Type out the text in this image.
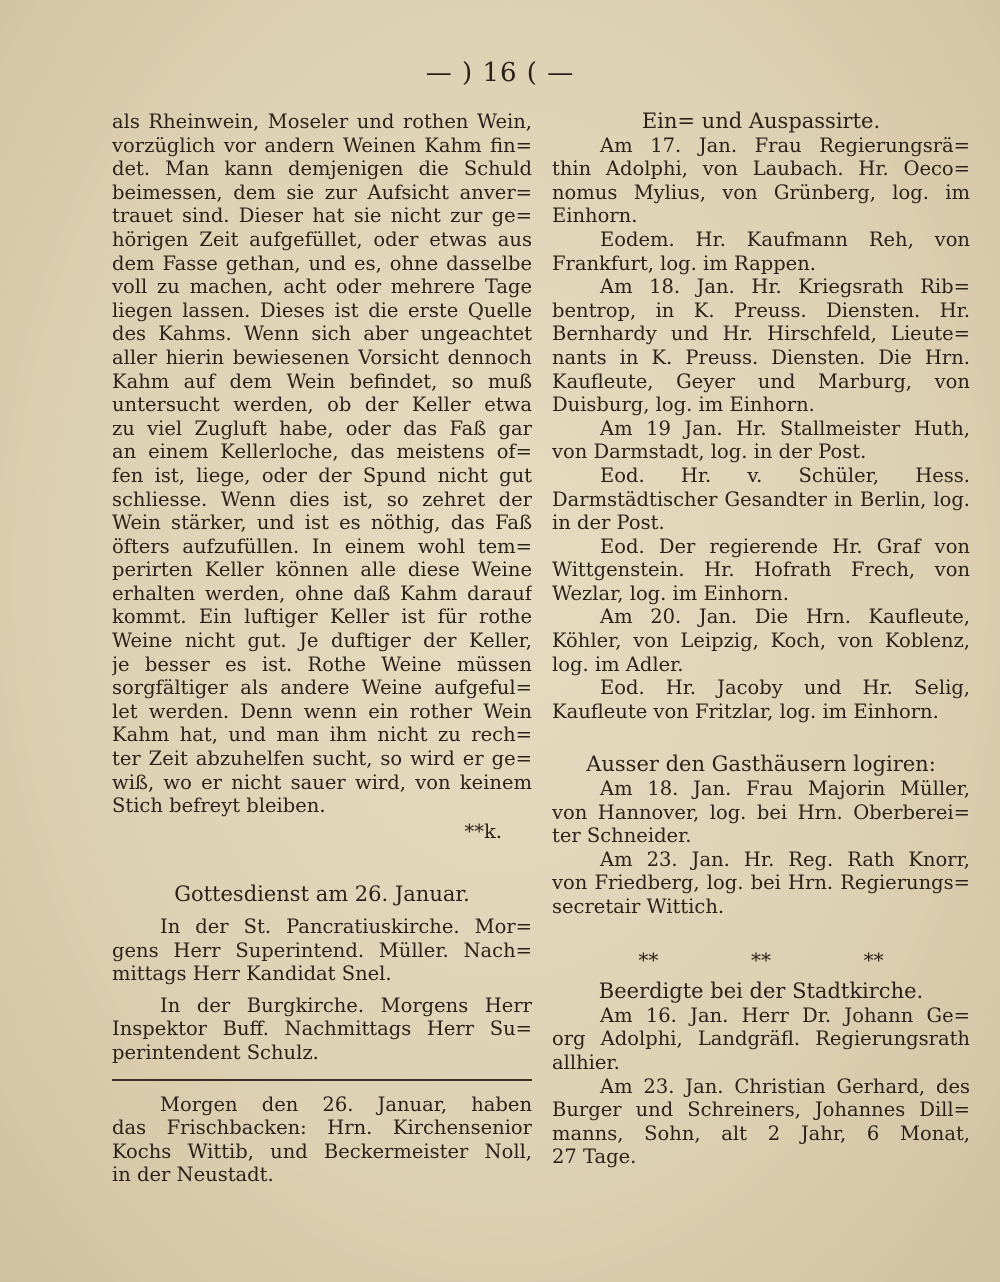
— ) 16 ( —
als Rheinwein, Moseler und rothen Wein,
vorzüglich vor andern Weinen Kahm fin=
det. Man kann demjenigen die Schuld
beimessen, dem sie zur Aufsicht anver=
trauet sind. Dieser hat sie nicht zur ge=
hörigen Zeit aufgefüllet, oder etwas aus
dem Fasse gethan, und es, ohne dasselbe
voll zu machen, acht oder mehrere Tage
liegen lassen. Dieses ist die erste Quelle
des Kahms. Wenn sich aber ungeachtet
aller hierin bewiesenen Vorsicht dennoch
Kahm auf dem Wein befindet, so muß
untersucht werden, ob der Keller etwa
zu viel Zugluft habe, oder das Faß gar
an einem Kellerloche, das meistens of=
fen ist, liege, oder der Spund nicht gut
schliesse. Wenn dies ist, so zehret der
Wein stärker, und ist es nöthig, das Faß
öfters aufzufüllen. In einem wohl tem=
perirten Keller können alle diese Weine
erhalten werden, ohne daß Kahm darauf
kommt. Ein luftiger Keller ist für rothe
Weine nicht gut. Je duftiger der Keller,
je besser es ist. Rothe Weine müssen
sorgfältiger als andere Weine aufgeful=
let werden. Denn wenn ein rother Wein
Kahm hat, und man ihm nicht zu rech=
ter Zeit abzuhelfen sucht, so wird er ge=
wiß, wo er nicht sauer wird, von keinem
Stich befreyt bleiben.
**k.
Gottesdienst am 26. Januar.
In der St. Pancratiuskirche. Mor=
gens Herr Superintend. Müller. Nach=
mittags Herr Kandidat Snel.
In der Burgkirche. Morgens Herr
Inspektor Buff. Nachmittags Herr Su=
perintendent Schulz.
Morgen den 26. Januar, haben
das Frischbacken: Hrn. Kirchensenior
Kochs Wittib, und Beckermeister Noll,
in der Neustadt.
Ein= und Auspassirte.
Am 17. Jan. Frau Regierungsrä=
thin Adolphi, von Laubach. Hr. Oeco=
nomus Mylius, von Grünberg, log. im
Einhorn.
Eodem. Hr. Kaufmann Reh, von
Frankfurt, log. im Rappen.
Am 18. Jan. Hr. Kriegsrath Rib=
bentrop, in K. Preuss. Diensten. Hr.
Bernhardy und Hr. Hirschfeld, Lieute=
nants in K. Preuss. Diensten. Die Hrn.
Kaufleute, Geyer und Marburg, von
Duisburg, log. im Einhorn.
Am 19 Jan. Hr. Stallmeister Huth,
von Darmstadt, log. in der Post.
Eod. Hr. v. Schüler, Hess.
Darmstädtischer Gesandter in Berlin, log.
in der Post.
Eod. Der regierende Hr. Graf von
Wittgenstein. Hr. Hofrath Frech, von
Wezlar, log. im Einhorn.
Am 20. Jan. Die Hrn. Kaufleute,
Köhler, von Leipzig, Koch, von Koblenz,
log. im Adler.
Eod. Hr. Jacoby und Hr. Selig,
Kaufleute von Fritzlar, log. im Einhorn.
Ausser den Gasthäusern logiren:
Am 18. Jan. Frau Majorin Müller,
von Hannover, log. bei Hrn. Oberberei=
ter Schneider.
Am 23. Jan. Hr. Reg. Rath Knorr,
von Friedberg, log. bei Hrn. Regierungs=
secretair Wittich.
**	**	**
Beerdigte bei der Stadtkirche.
Am 16. Jan. Herr Dr. Johann Ge=
org Adolphi, Landgräfl. Regierungsrath
allhier.
Am 23. Jan. Christian Gerhard, des
Burger und Schreiners, Johannes Dill=
manns, Sohn, alt 2 Jahr, 6 Monat,
27 Tage.
